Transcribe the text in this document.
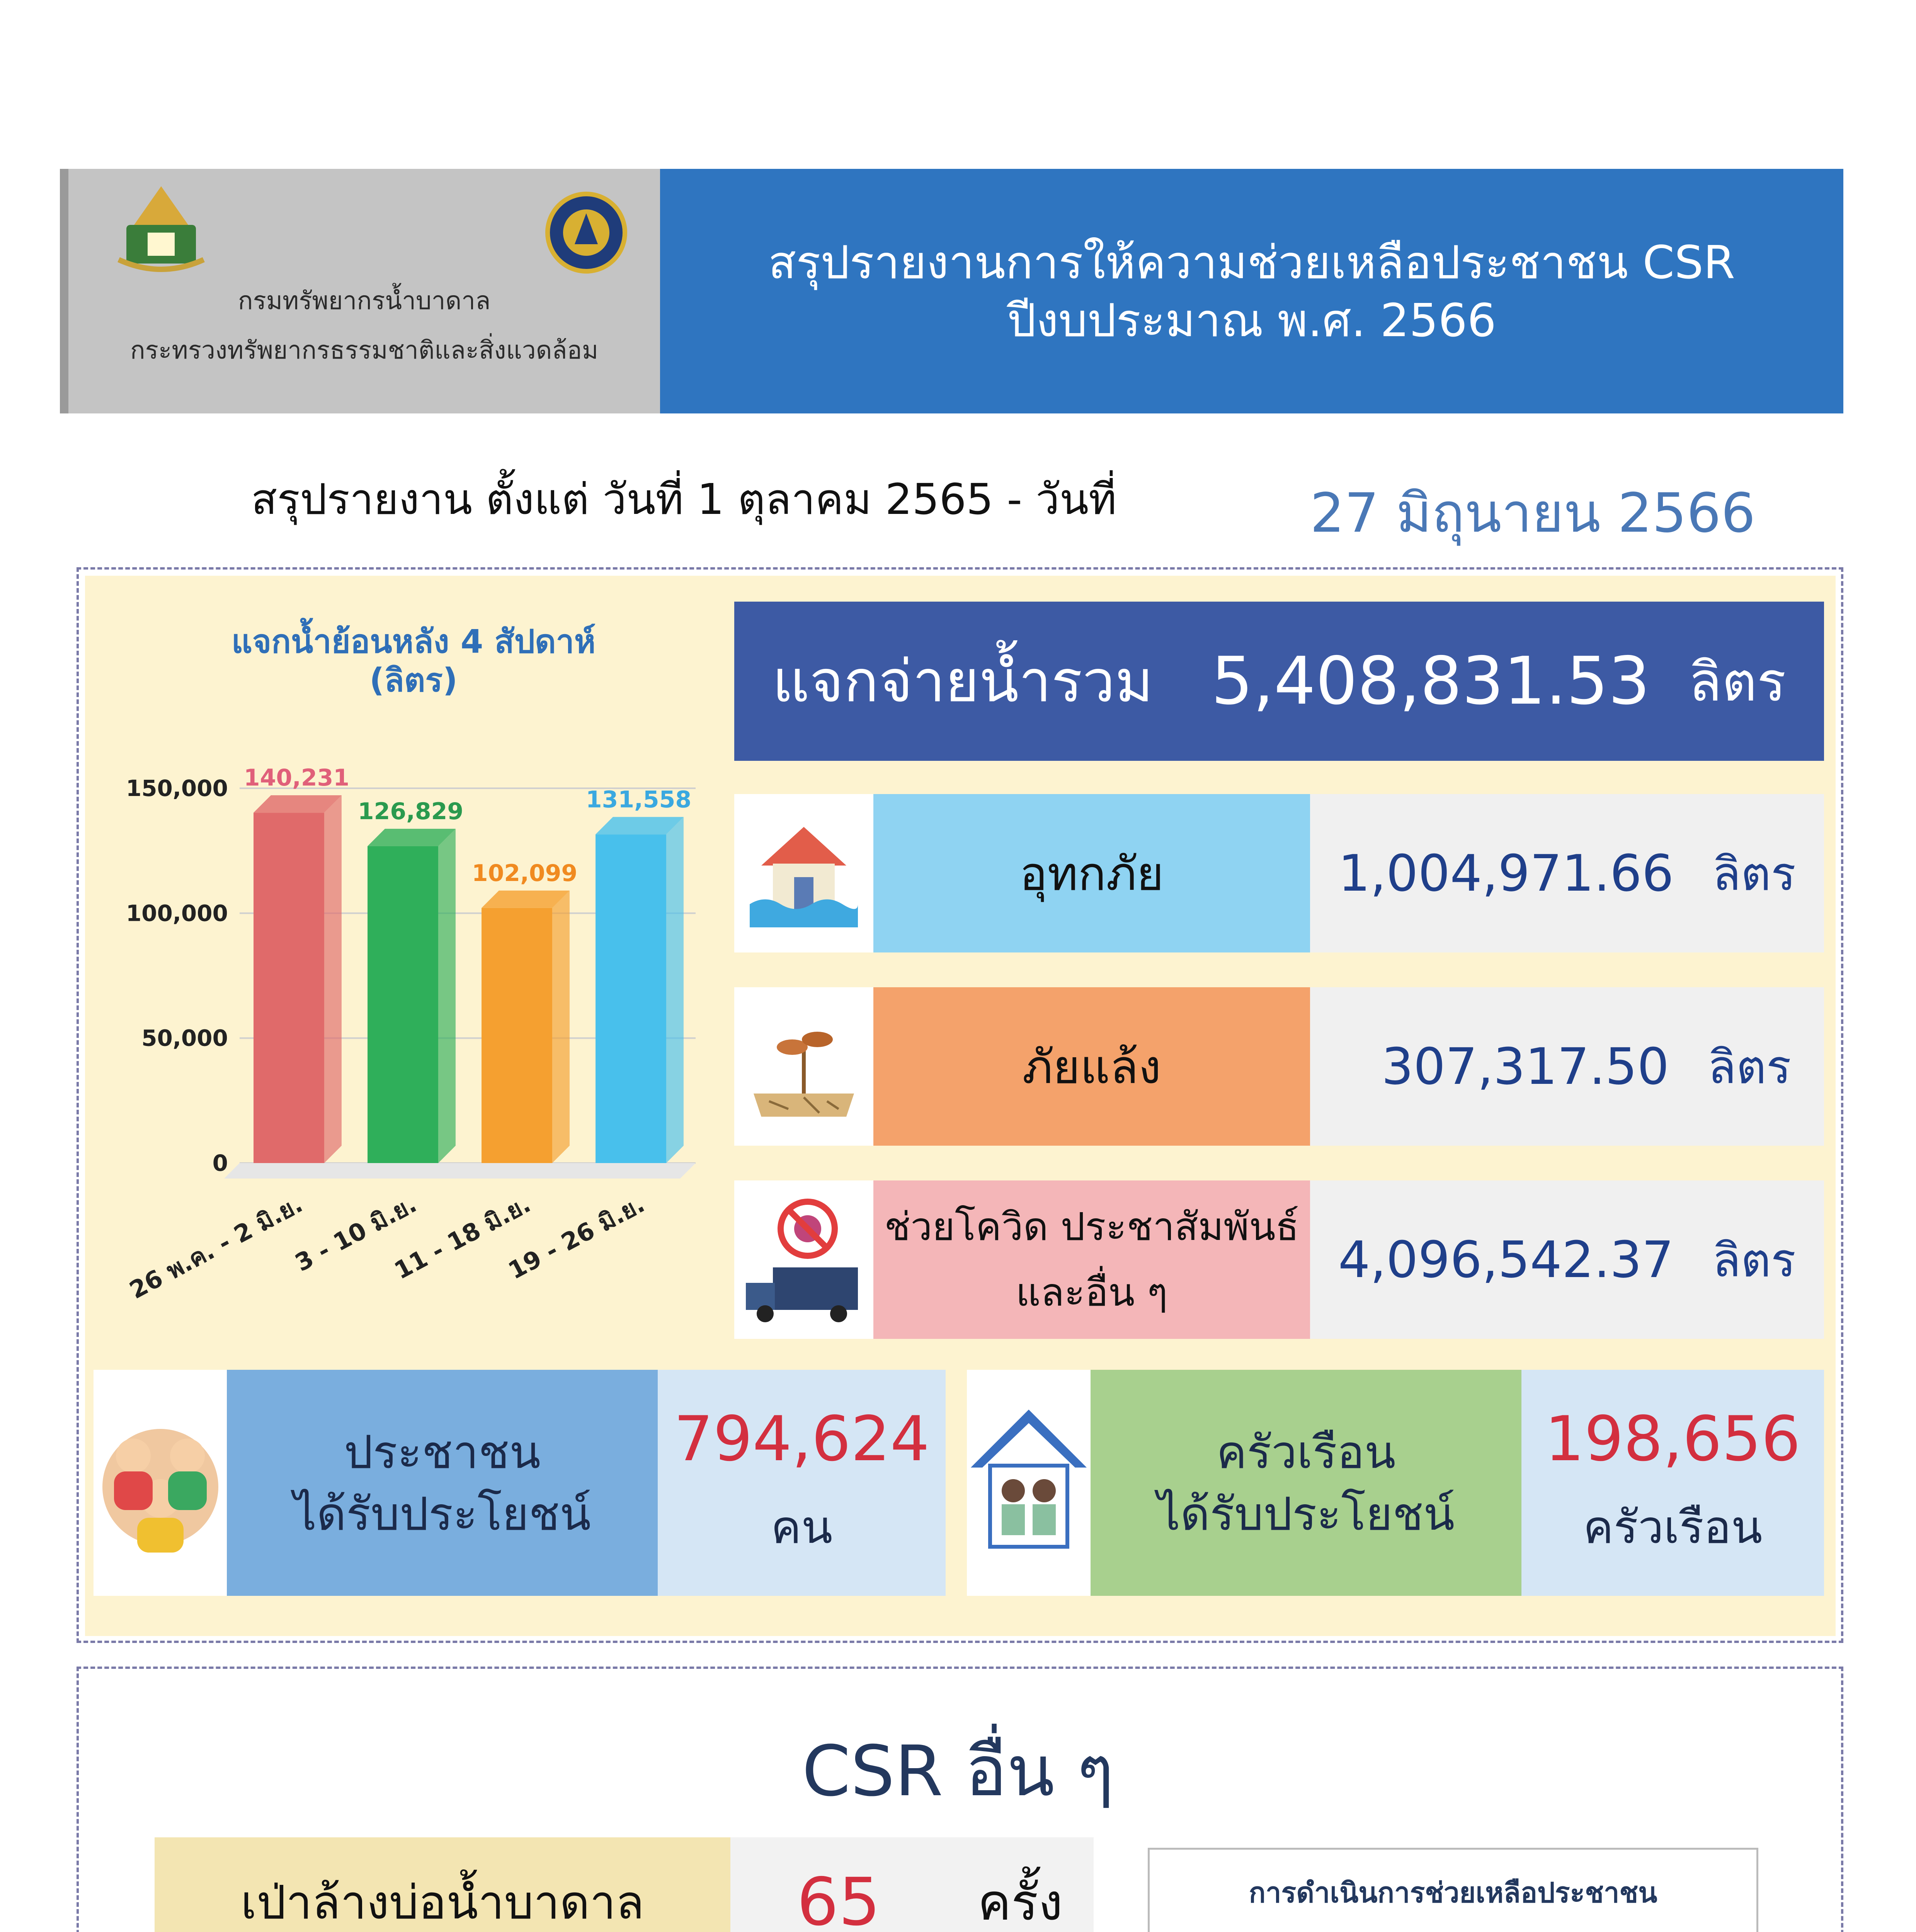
กรมทรัพยากรน้ำบาดาล
กระทรวงทรัพยากรธรรมชาติและสิ่งแวดล้อม
สรุปรายงานการให้ความช่วยเหลือประชาชน CSR
ปีงบประมาณ พ.ศ. 2566
สรุปรายงาน ตั้งแต่ วันที่ 1 ตุลาคม 2565 - วันที่	27 มิถุนายน 2566
แจกน้ำย้อนหลัง 4 สัปดาห์
(ลิตร)
0
50,000
100,000
150,000 140,231
26 พ.ค. - 2 มิ.ย.
126,829
3 - 10 มิ.ย.
102,099
11 - 18 มิ.ย.
131,558
19 - 26 มิ.ย.
แจกจ่ายน้ำรวม 5,408,831.53 ลิตร
อุทกภัย	1,004,971.66 ลิตร
ภัยแล้ง	307,317.50 ลิตร
ช่วยโควิด ประชาสัมพันธ์
และอื่น ๆ
4,096,542.37 ลิตร
ประชาชน
ได้รับประโยชน์
794,624
คน
ครัวเรือน
ได้รับประโยชน์
198,656
ครัวเรือน
CSR อื่น ๆ
เป่าล้างบ่อน้ำบาดาล	65	ครั้ง	การดำเนินการช่วยเหลือประชาชน
